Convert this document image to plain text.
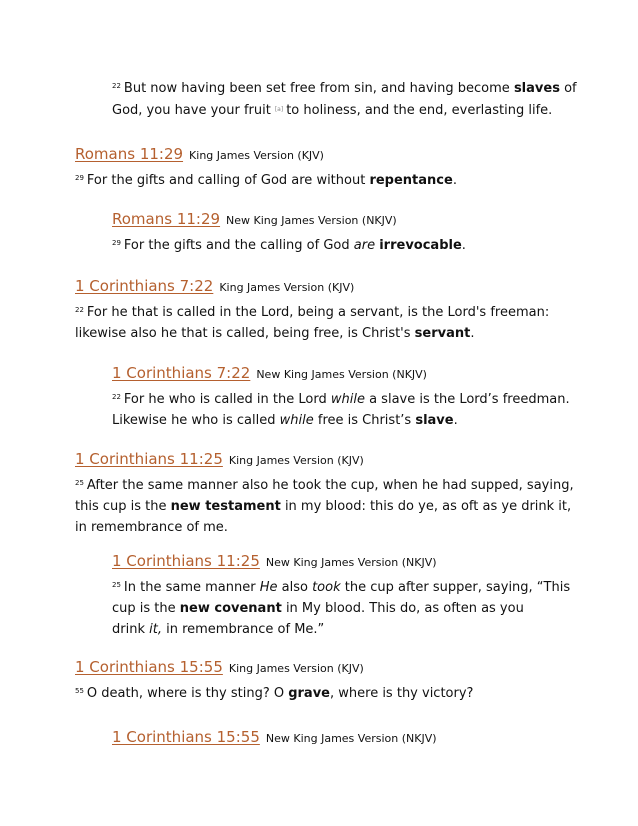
$^{22}$ But now having been set free from sin, and having become slaves of

God, you have your fruit [a] to holiness, and the end, everlasting life.

Romans 11:29 King James Version (KJV)

$^{29}$ For the gifts and calling of God are without repentance.

Romans 11:29 New King James Version (NKJV)

$^{29}$ For the gifts and the calling of God are irrevocable.

1 Corinthians 7:22 King James Version (KJV)

$^{22}$ For he that is called in the Lord, being a servant, is the Lord's freeman:

likewise also he that is called, being free, is Christ's servant.

1 Corinthians 7:22 New King James Version (NKJV)

$^{22}$ For he who is called in the Lord while a slave is the Lord’s freedman.

Likewise he who is called while free is Christ’s slave.

1 Corinthians 11:25 King James Version (KJV)

$^{25}$ After the same manner also he took the cup, when he had supped, saying,

this cup is the new testament in my blood: this do ye, as oft as ye drink it,

in remembrance of me.

1 Corinthians 11:25 New King James Version (NKJV)

$^{25}$ In the same manner He also took the cup after supper, saying, “This

cup is the new covenant in My blood. This do, as often as you

drink it, in remembrance of Me.”

1 Corinthians 15:55 King James Version (KJV)

$^{55}$ O death, where is thy sting? O grave, where is thy victory?

1 Corinthians 15:55 New King James Version (NKJV)
